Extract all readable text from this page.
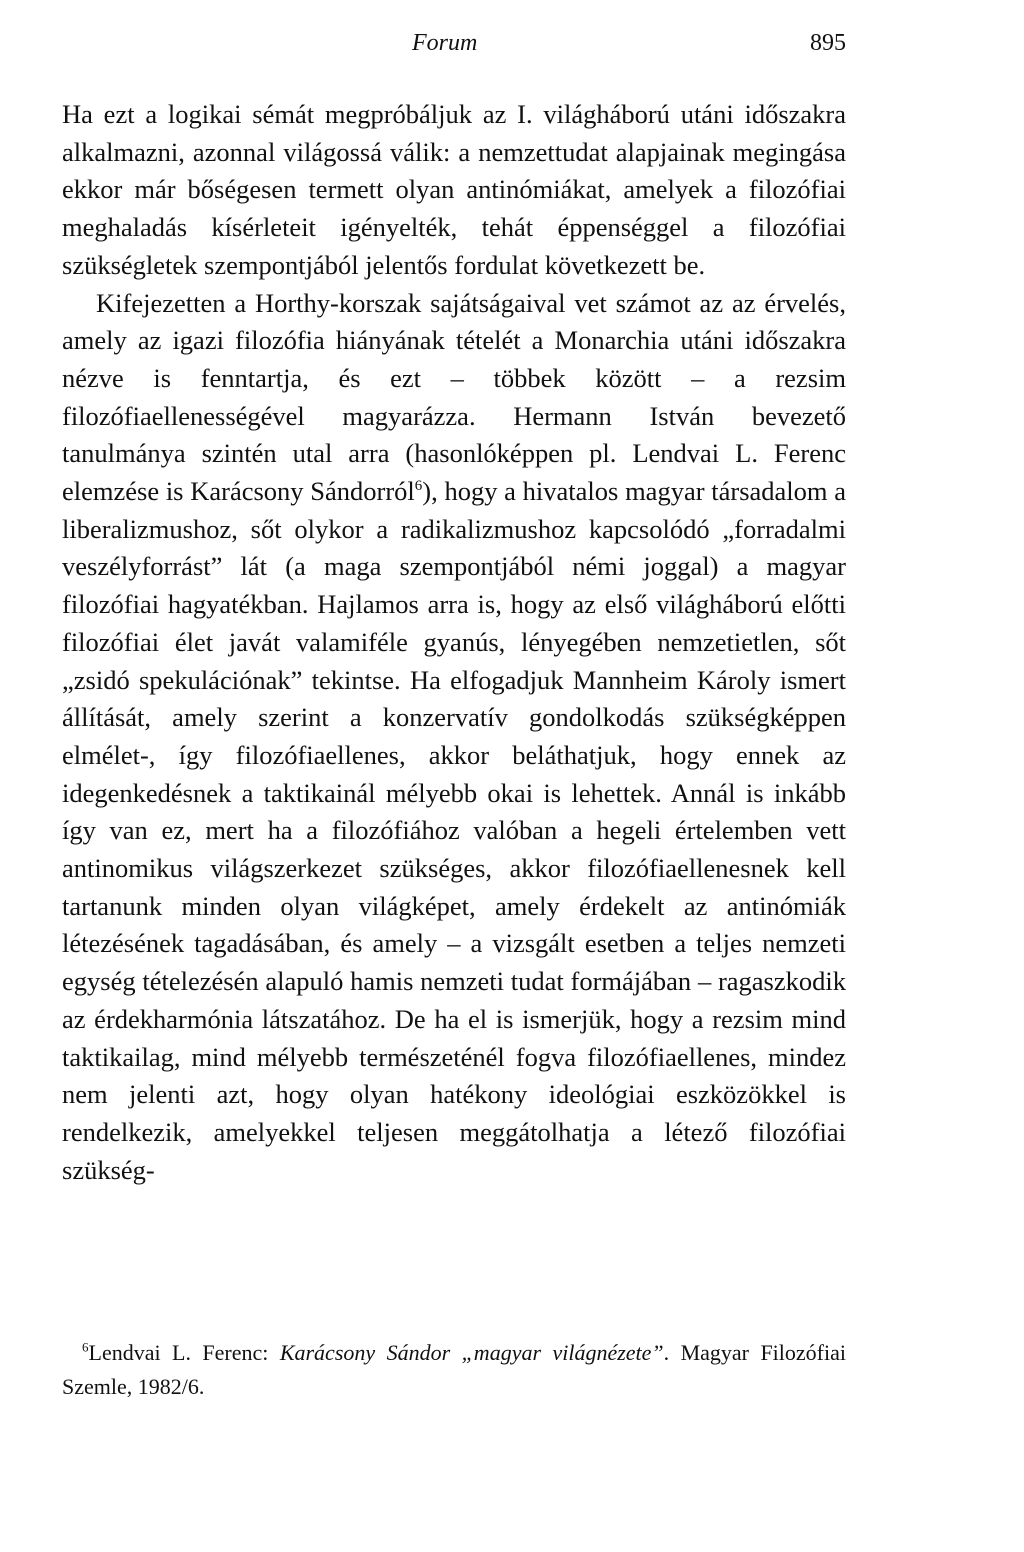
Forum	895

Ha ezt a logikai sémát megpróbáljuk az I. világháború utáni időszakra alkalmazni, azonnal világossá válik: a nemzettudat alapjainak megingása ekkor már bőségesen termett olyan antinómiákat, amelyek a filozófiai meghaladás kísérleteit igényelték, tehát éppenséggel a filozófiai szükségletek szempontjából jelentős fordulat következett be.

Kifejezetten a Horthy-korszak sajátságaival vet számot az az érvelés, amely az igazi filozófia hiányának tételét a Monarchia utáni időszakra nézve is fenntartja, és ezt – többek között – a rezsim filozófiaellenességével magyarázza. Hermann István bevezető tanulmánya szintén utal arra (hasonlóképpen pl. Lendvai L. Ferenc elemzése is Karácsony Sándorról$^6$), hogy a hivatalos magyar társadalom a liberalizmushoz, sőt olykor a radikalizmushoz kapcsolódó „forradalmi veszélyforrást” lát (a maga szempontjából némi joggal) a magyar filozófiai hagyatékban. Hajlamos arra is, hogy az első világháború előtti filozófiai élet javát valamiféle gyanús, lényegében nemzetietlen, sőt „zsidó spekulációnak” tekintse. Ha elfogadjuk Mannheim Károly ismert állítását, amely szerint a konzervatív gondolkodás szükségképpen elmélet-, így filozófiaellenes, akkor beláthatjuk, hogy ennek az idegenkedésnek a taktikainál mélyebb okai is lehettek. Annál is inkább így van ez, mert ha a filozófiához valóban a hegeli értelemben vett antinomikus világszerkezet szükséges, akkor filozófiaellenesnek kell tartanunk minden olyan világképet, amely érdekelt az antinómiák létezésének tagadásában, és amely – a vizsgált esetben a teljes nemzeti egység tételezésén alapuló hamis nemzeti tudat formájában – ragaszkodik az érdekharmónia látszatához. De ha el is ismerjük, hogy a rezsim mind taktikailag, mind mélyebb természeténél fogva filozófiaellenes, mindez nem jelenti azt, hogy olyan hatékony ideológiai eszközökkel is rendelkezik, amelyekkel teljesen meggátolhatja a létező filozófiai szükség-

$^6$Lendvai L. Ferenc: Karácsony Sándor „magyar világnézete”. Magyar Filozófiai Szemle, 1982/6.
